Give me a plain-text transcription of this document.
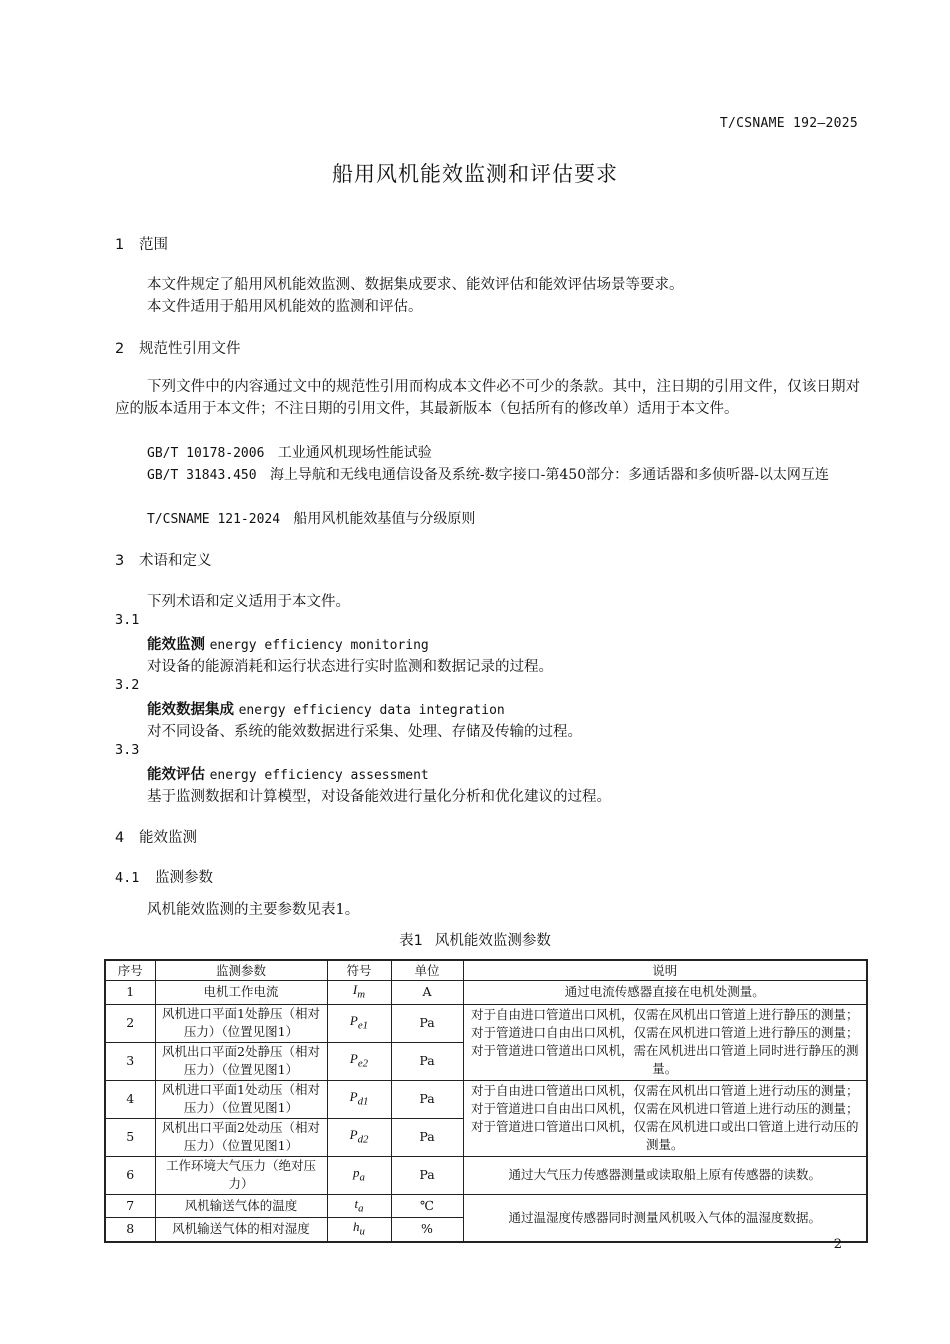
T/CSNAME 192—2025
船用风机能效监测和评估要求
1 范围
本文件规定了船用风机能效监测、数据集成要求、能效评估和能效评估场景等要求。
本文件适用于船用风机能效的监测和评估。
2 规范性引用文件
下列文件中的内容通过文中的规范性引用而构成本文件必不可少的条款。其中，注日期的引用文件，仅该日期对应的版本适用于本文件；不注日期的引用文件，其最新版本（包括所有的修改单）适用于本文件。
GB/T 10178-2006 工业通风机现场性能试验
GB/T 31843.450 海上导航和无线电通信设备及系统-数字接口-第450部分：多通话器和多侦听器-以太网互连
T/CSNAME 121-2024 船用风机能效基值与分级原则
3 术语和定义
下列术语和定义适用于本文件。
3.1
能效监测 energy efficiency monitoring
对设备的能源消耗和运行状态进行实时监测和数据记录的过程。
3.2
能效数据集成 energy efficiency data integration
对不同设备、系统的能效数据进行采集、处理、存储及传输的过程。
3.3
能效评估 energy efficiency assessment
基于监测数据和计算模型，对设备能效进行量化分析和优化建议的过程。
4 能效监测
4.1 监测参数
风机能效监测的主要参数见表1。
表1 风机能效监测参数
序号	监测参数	符号	单位	说明
1	电机工作电流	$I_m$	A	通过电流传感器直接在电机处测量。
2	风机进口平面1处静压（相对压力）（位置见图1）	$P_{e1}$	Pa	对于自由进口管道出口风机，仅需在风机出口管道上进行静压的测量；对于管道进口自由出口风机，仅需在风机进口管道上进行静压的测量；对于管道进口管道出口风机，需在风机进出口管道上同时进行静压的测量。
3	风机出口平面2处静压（相对压力）（位置见图1）	$P_{e2}$	Pa	
4	风机进口平面1处动压（相对压力）（位置见图1）	$P_{d1}$	Pa	对于自由进口管道出口风机，仅需在风机出口管道上进行动压的测量；对于管道进口自由出口风机，仅需在风机进口管道上进行动压的测量；对于管道进口管道出口风机，仅需在风机进口或出口管道上进行动压的测量。
5	风机出口平面2处动压（相对压力）（位置见图1）	$P_{d2}$	Pa	
6	工作环境大气压力（绝对压力）	$p_a$	Pa	通过大气压力传感器测量或读取船上原有传感器的读数。
7	风机输送气体的温度	$t_a$	℃	通过温湿度传感器同时测量风机吸入气体的温湿度数据。
8	风机输送气体的相对湿度	$h_u$	%	
2
